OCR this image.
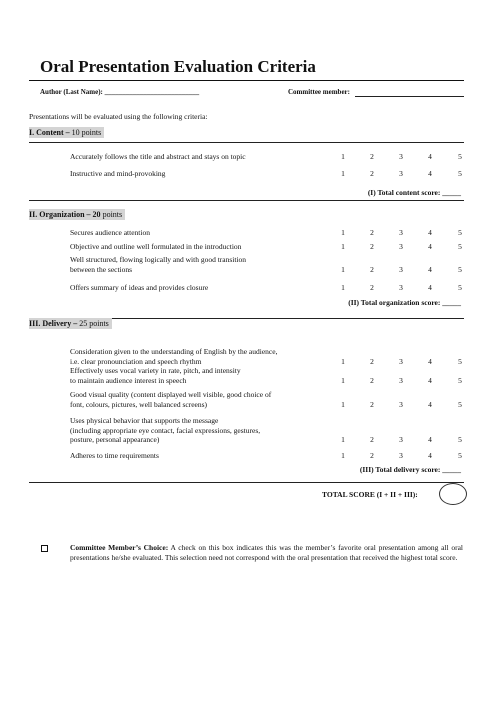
Oral Presentation Evaluation Criteria
Author (Last Name): ___________________________	Committee member:
Presentations will be evaluated using the following criteria:
I. Content – 10 points
Accurately follows the title and abstract and stays on topic	1	2	3	4	5
Instructive and mind-provoking	1	2	3	4	5
(I) Total content score: _____
II. Organization – 20 points
Secures audience attention	1	2	3	4	5
Objective and outline well formulated in the introduction	1	2	3	4	5
Well structured, flowing logically and with good transition
between the sections	1	2	3	4	5
Offers summary of ideas and provides closure	1	2	3	4	5
(II) Total organization score: _____
III. Delivery – 25 points
Consideration given to the understanding of English by the audience,
i.e. clear pronounciation and speech rhythm	1	2	3	4	5
Effectively uses vocal variety in rate, pitch, and intensity
to maintain audience interest in speech	1	2	3	4	5
Good visual quality (content displayed well visible, good choice of
font, colours, pictures, well balanced screens)	1	2	3	4	5
Uses physical behavior that supports the message
(including appropriate eye contact, facial expressions, gestures,
posture, personal appearance)	1	2	3	4	5
Adheres to time requirements	1	2	3	4	5
(III) Total delivery score: _____
TOTAL SCORE (I + II + III):
Committee Member’s Choice: A check on this box indicates this was the member’s favorite oral presentation among all oral presentations he/she evaluated. This selection need not correspond with the oral presentation that received the highest total score.
